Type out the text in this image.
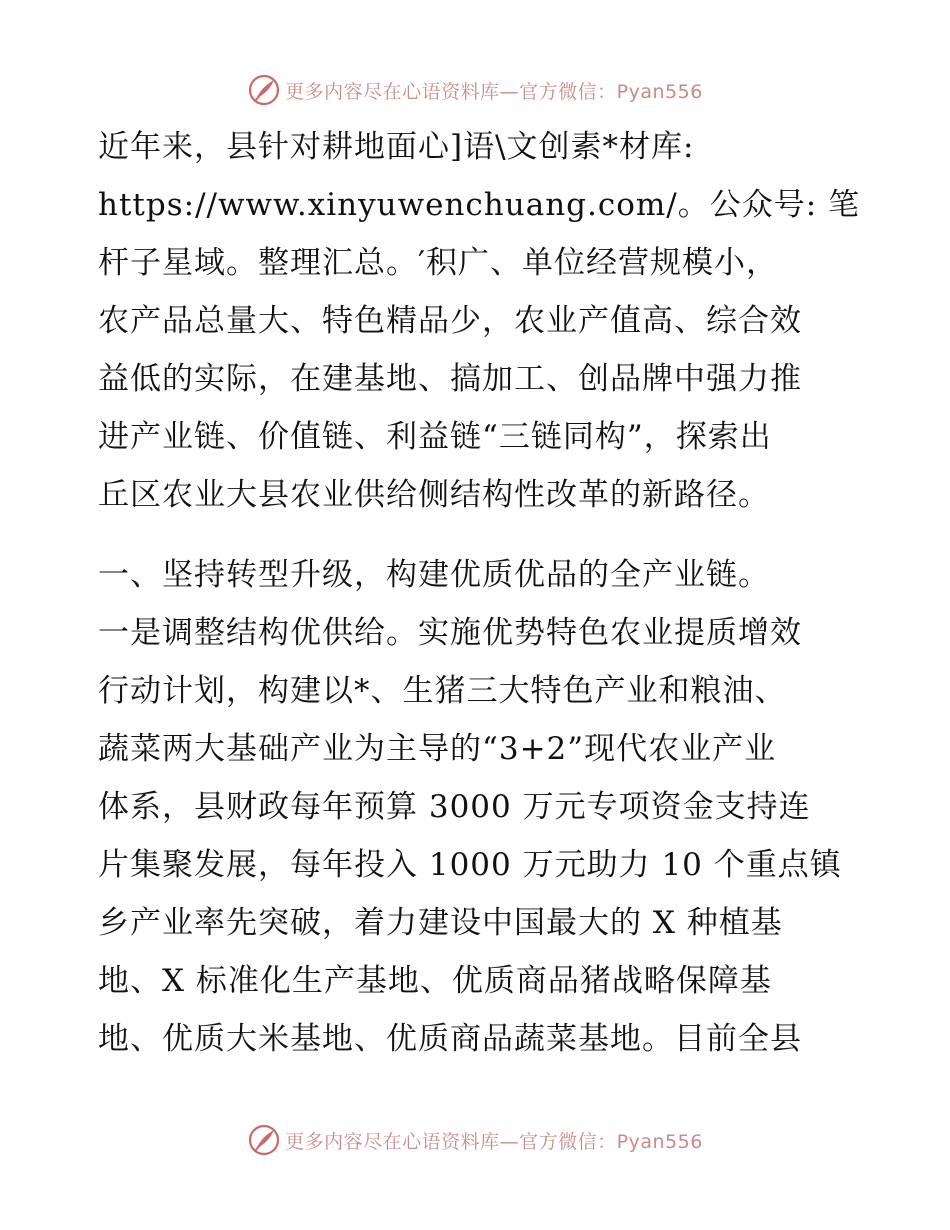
更多内容尽在心语资料库—官方微信：Pyan556
近年来，县针对耕地面心]语\文创素*材库:
https://www.xinyuwenchuang.com/。公众号: 笔
杆子星域。整理汇总。′积广、单位经营规模小，
农产品总量大、特色精品少，农业产值高、综合效
益低的实际，在建基地、搞加工、创品牌中强力推
进产业链、价值链、利益链“三链同构”，探索出
丘区农业大县农业供给侧结构性改革的新路径。
一、坚持转型升级，构建优质优品的全产业链。
一是调整结构优供给。实施优势特色农业提质增效
行动计划，构建以*、生猪三大特色产业和粮油、
蔬菜两大基础产业为主导的“3+2”现代农业产业
体系，县财政每年预算 3000 万元专项资金支持连
片集聚发展，每年投入 1000 万元助力 10 个重点镇
乡产业率先突破，着力建设中国最大的 X 种植基
地、X 标准化生产基地、优质商品猪战略保障基
地、优质大米基地、优质商品蔬菜基地。目前全县
更多内容尽在心语资料库—官方微信：Pyan556
